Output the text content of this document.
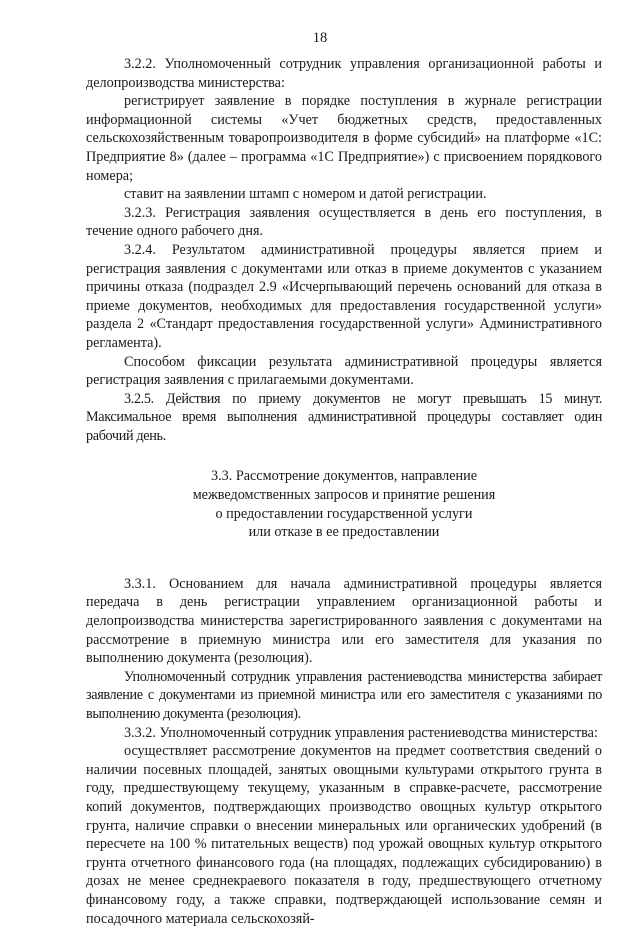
18

3.2.2. Уполномоченный сотрудник управления организационной работы и делопроизводства министерства:

регистрирует заявление в порядке поступления в журнале регистрации информационной системы «Учет бюджетных средств, предоставленных сельскохозяйственным товаропроизводителя в форме субсидий» на платформе «1С: Предприятие 8» (далее – программа «1С Предприятие») с присвоением порядкового номера;

ставит на заявлении штамп с номером и датой регистрации.

3.2.3. Регистрация заявления осуществляется в день его поступления, в течение одного рабочего дня.

3.2.4. Результатом административной процедуры является прием и регистрация заявления с документами или отказ в приеме документов с указанием причины отказа (подраздел 2.9 «Исчерпывающий перечень оснований для отказа в приеме документов, необходимых для предоставления государственной услуги» раздела 2 «Стандарт предоставления государственной услуги» Административного регламента).

Способом фиксации результата административной процедуры является регистрация заявления с прилагаемыми документами.

3.2.5. Действия по приему документов не могут превышать 15 минут. Максимальное время выполнения административной процедуры составляет один рабочий день.

3.3. Рассмотрение документов, направление
межведомственных запросов и принятие решения
о предоставлении государственной услуги
или отказе в ее предоставлении

3.3.1. Основанием для начала административной процедуры является передача в день регистрации управлением организационной работы и делопроизводства министерства зарегистрированного заявления с документами на рассмотрение в приемную министра или его заместителя для указания по выполнению документа (резолюция).

Уполномоченный сотрудник управления растениеводства министерства забирает заявление с документами из приемной министра или его заместителя с указаниями по выполнению документа (резолюция).

3.3.2. Уполномоченный сотрудник управления растениеводства министерства:

осуществляет рассмотрение документов на предмет соответствия сведений о наличии посевных площадей, занятых овощными культурами открытого грунта в году, предшествующему текущему, указанным в справке-расчете, рассмотрение копий документов, подтверждающих производство овощных культур открытого грунта, наличие справки о внесении минеральных или органических удобрений (в пересчете на 100 % питательных веществ) под урожай овощных культур открытого грунта отчетного финансового года (на площадях, подлежащих субсидированию) в дозах не менее среднекраевого показателя в году, предшествующего отчетному финансовому году, а также справки, подтверждающей использование семян и посадочного материала сельскохозяй-
